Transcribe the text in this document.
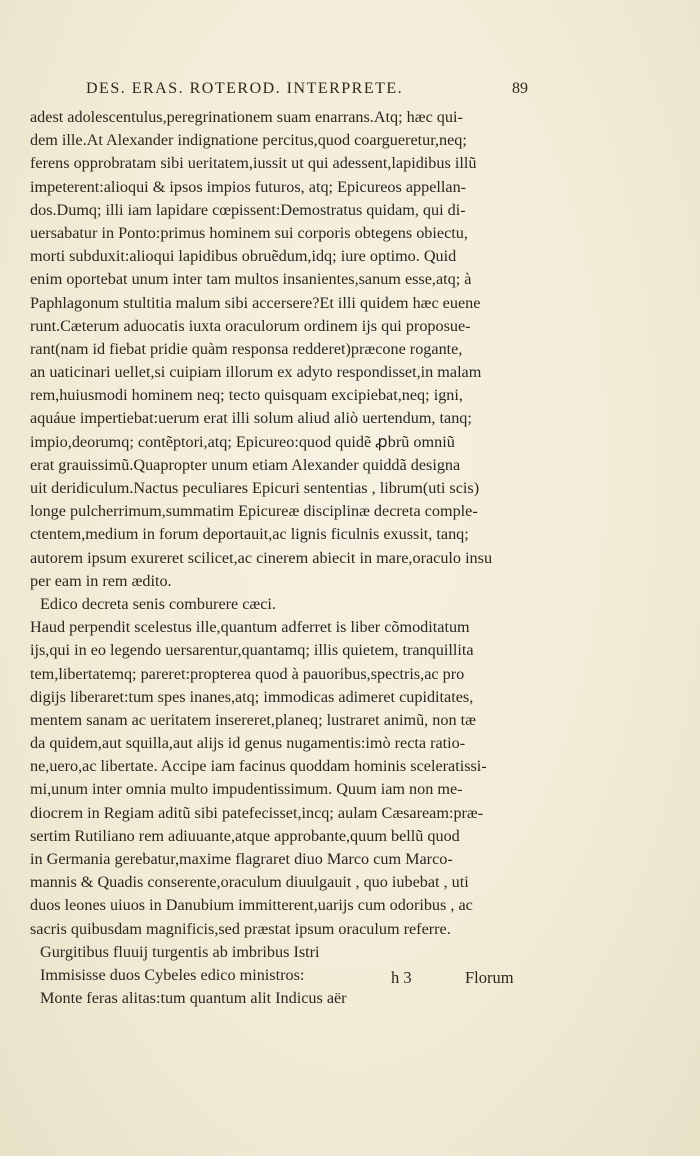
DES. ERAS. ROTEROD. INTERPRETE.	89
adest adolescentulus,peregrinationem suam enarrans.Atq; hæc qui-
dem ille.At Alexander indignatione percitus,quod coargueretur,neq;
ferens opprobratam sibi ueritatem,iussit ut qui adessent,lapidibus illũ
impeterent:alioqui & ipsos impios futuros, atq; Epicureos appellan-
dos.Dumq; illi iam lapidare cœpissent:Demostratus quidam, qui di-
uersabatur in Ponto:primus hominem sui corporis obtegens obiectu,
morti subduxit:alioqui lapidibus obruẽdum,idq; iure optimo. Quid
enim oportebat unum inter tam multos insanientes,sanum esse,atq; à
Paphlagonum stultitia malum sibi accersere?Et illi quidem hæc euene
runt.Cæterum aduocatis iuxta oraculorum ordinem ijs qui proposue-
rant(nam id fiebat pridie quàm responsa redderet)præcone rogante,
an uaticinari uellet,si cuipiam illorum ex adyto respondisset,in malam
rem,huiusmodi hominem neq; tecto quisquam excipiebat,neq; igni,
aquáue impertiebat:uerum erat illi solum aliud aliò uertendum, tanq;
impio,deorumq; contẽptori,atq; Epicureo:quod quidẽ ꝓbrũ omniũ
erat grauissimũ.Quapropter unum etiam Alexander quiddã designa
uit deridiculum.Nactus peculiares Epicuri sententias , librum(uti scis)
longe pulcherrimum,summatim Epicureæ disciplinæ decreta comple-
ctentem,medium in forum deportauit,ac lignis ficulnis exussit, tanq;
autorem ipsum exureret scilicet,ac cinerem abiecit in mare,oraculo insu
per eam in rem ædito.
Edico decreta senis comburere cæci.
Haud perpendit scelestus ille,quantum adferret is liber cõmoditatum
ijs,qui in eo legendo uersarentur,quantamq; illis quietem, tranquillita
tem,libertatemq; pareret:propterea quod à pauoribus,spectris,ac pro
digijs liberaret:tum spes inanes,atq; immodicas adimeret cupiditates,
mentem sanam ac ueritatem insereret,planeq; lustraret animũ, non tæ
da quidem,aut squilla,aut alijs id genus nugamentis:imò recta ratio-
ne,uero,ac libertate. Accipe iam facinus quoddam hominis sceleratissi-
mi,unum inter omnia multo impudentissimum. Quum iam non me-
diocrem in Regiam aditũ sibi patefecisset,incq; aulam Cæsaream:præ-
sertim Rutiliano rem adiuuante,atque approbante,quum bellũ quod
in Germania gerebatur,maxime flagraret diuo Marco cum Marco-
mannis & Quadis conserente,oraculum diuulgauit , quo iubebat , uti
duos leones uiuos in Danubium immitterent,uarijs cum odoribus , ac
sacris quibusdam magnificis,sed præstat ipsum oraculum referre.
Gurgitibus fluuij turgentis ab imbribus Istri
Immisisse duos Cybeles edico ministros:
Monte feras alitas:tum quantum alit Indicus aër
h 3	Florum
